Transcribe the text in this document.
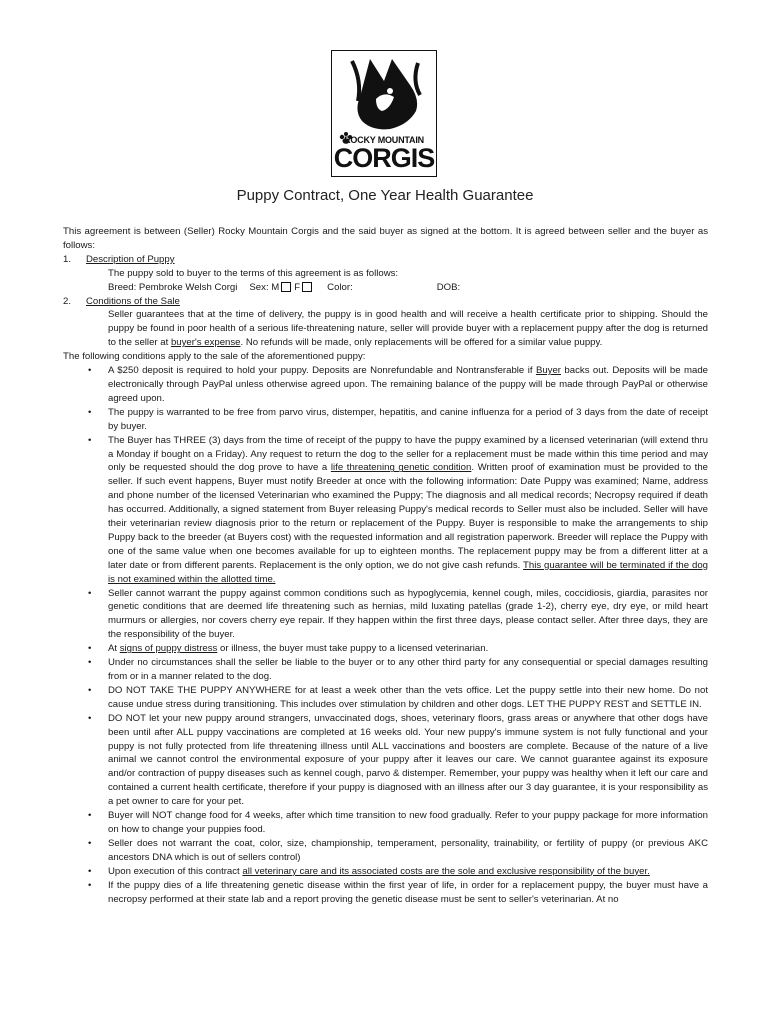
ROCKY MOUNTAIN
CORGIS
Puppy Contract, One Year Health Guarantee
This agreement is between (Seller) Rocky Mountain Corgis and the said buyer as signed at the bottom. It is agreed between seller and the buyer as follows:
1. Description of Puppy
The puppy sold to buyer to the terms of this agreement is as follows:
Breed: Pembroke Welsh Corgi Sex: M F	Color:	DOB:
2. Conditions of the Sale
Seller guarantees that at the time of delivery, the puppy is in good health and will receive a health certificate prior to shipping. Should the puppy be found in poor health of a serious life-threatening nature, seller will provide buyer with a replacement puppy after the dog is returned to the seller at buyer's expense. No refunds will be made, only replacements will be offered for a similar value puppy.
The following conditions apply to the sale of the aforementioned puppy:
• A $250 deposit is required to hold your puppy. Deposits are Nonrefundable and Nontransferable if Buyer backs out. Deposits will be made electronically through PayPal unless otherwise agreed upon. The remaining balance of the puppy will be made through PayPal or otherwise agreed upon.
• The puppy is warranted to be free from parvo virus, distemper, hepatitis, and canine influenza for a period of 3 days from the date of receipt by buyer.
• The Buyer has THREE (3) days from the time of receipt of the puppy to have the puppy examined by a licensed veterinarian (will extend thru a Monday if bought on a Friday). Any request to return the dog to the seller for a replacement must be made within this time period and may only be requested should the dog prove to have a life threatening genetic condition. Written proof of examination must be provided to the seller. If such event happens, Buyer must notify Breeder at once with the following information: Date Puppy was examined; Name, address and phone number of the licensed Veterinarian who examined the Puppy; The diagnosis and all medical records; Necropsy required if death has occurred. Additionally, a signed statement from Buyer releasing Puppy's medical records to Seller must also be included. Seller will have their veterinarian review diagnosis prior to the return or replacement of the Puppy. Buyer is responsible to make the arrangements to ship Puppy back to the breeder (at Buyers cost) with the requested information and all registration paperwork. Breeder will replace the Puppy with one of the same value when one becomes available for up to eighteen months. The replacement puppy may be from a different litter at a later date or from different parents. Replacement is the only option, we do not give cash refunds. This guarantee will be terminated if the dog is not examined within the allotted time.
• Seller cannot warrant the puppy against common conditions such as hypoglycemia, kennel cough, miles, coccidiosis, giardia, parasites nor genetic conditions that are deemed life threatening such as hernias, mild luxating patellas (grade 1-2), cherry eye, dry eye, or mild heart murmurs or allergies, nor covers cherry eye repair. If they happen within the first three days, please contact seller. After three days, they are the responsibility of the buyer.
• At signs of puppy distress or illness, the buyer must take puppy to a licensed veterinarian.
• Under no circumstances shall the seller be liable to the buyer or to any other third party for any consequential or special damages resulting from or in a manner related to the dog.
• DO NOT TAKE THE PUPPY ANYWHERE for at least a week other than the vets office. Let the puppy settle into their new home. Do not cause undue stress during transitioning. This includes over stimulation by children and other dogs. LET THE PUPPY REST and SETTLE IN.
• DO NOT let your new puppy around strangers, unvaccinated dogs, shoes, veterinary floors, grass areas or anywhere that other dogs have been until after ALL puppy vaccinations are completed at 16 weeks old. Your new puppy's immune system is not fully functional and your puppy is not fully protected from life threatening illness until ALL vaccinations and boosters are complete. Because of the nature of a live animal we cannot control the environmental exposure of your puppy after it leaves our care. We cannot guarantee against its exposure and/or contraction of puppy diseases such as kennel cough, parvo & distemper. Remember, your puppy was healthy when it left our care and contained a current health certificate, therefore if your puppy is diagnosed with an illness after our 3 day guarantee, it is your responsibility as a pet owner to care for your pet.
• Buyer will NOT change food for 4 weeks, after which time transition to new food gradually. Refer to your puppy package for more information on how to change your puppies food.
• Seller does not warrant the coat, color, size, championship, temperament, personality, trainability, or fertility of puppy (or previous AKC ancestors DNA which is out of sellers control)
• Upon execution of this contract all veterinary care and its associated costs are the sole and exclusive responsibility of the buyer.
• If the puppy dies of a life threatening genetic disease within the first year of life, in order for a replacement puppy, the buyer must have a necropsy performed at their state lab and a report proving the genetic disease must be sent to seller's veterinarian. At no
